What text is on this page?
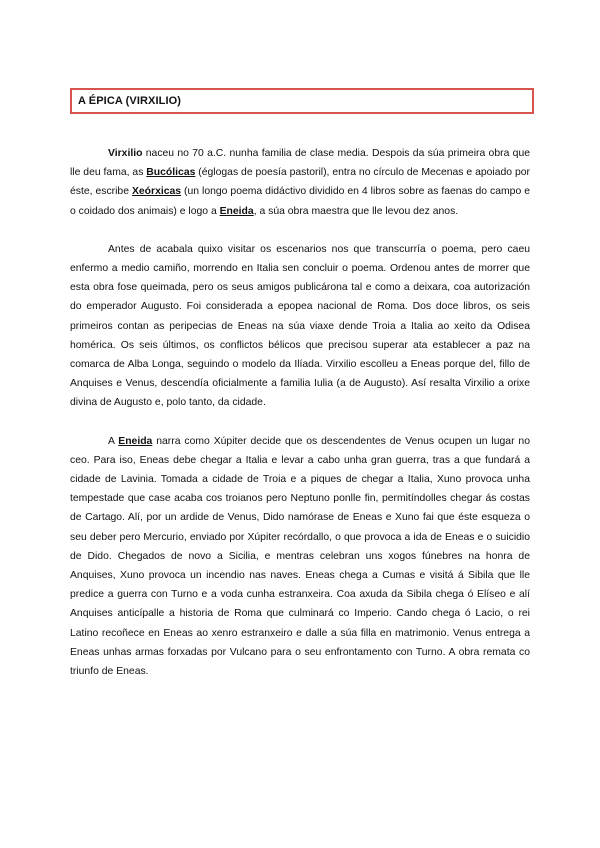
A ÉPICA (VIRXILIO)

Virxilio naceu no 70 a.C. nunha familia de clase media. Despois da súa primeira obra que lle deu fama, as Bucólicas (églogas de poesía pastoril), entra no círculo de Mecenas e apoiado por éste, escribe Xeórxicas (un longo poema didáctivo dividido en 4 libros sobre as faenas do campo e o coidado dos animais) e logo a Eneida, a súa obra maestra que lle levou dez anos.

Antes de acabala quixo visitar os escenarios nos que transcurría o poema, pero caeu enfermo a medio camiño, morrendo en Italia sen concluir o poema. Ordenou antes de morrer que esta obra fose queimada, pero os seus amigos publicárona tal e como a deixara, coa autorización do emperador Augusto. Foi considerada a epopea nacional de Roma. Dos doce libros, os seis primeiros contan as peripecias de Eneas na súa viaxe dende Troia a Italia ao xeito da Odisea homérica. Os seis últimos, os conflictos bélicos que precisou superar ata establecer a paz na comarca de Alba Longa, seguindo o modelo da Ilíada. Virxilio escolleu a Eneas porque del, fillo de Anquises e Venus, descendía oficialmente a familia Iulia (a de Augusto). Así resalta Virxilio a orixe divina de Augusto e, polo tanto, da cidade.

A Eneida narra como Xúpiter decide que os descendentes de Venus ocupen un lugar no ceo. Para iso, Eneas debe chegar a Italia e levar a cabo unha gran guerra, tras a que fundará a cidade de Lavinia. Tomada a cidade de Troia e a piques de chegar a Italia, Xuno provoca unha tempestade que case acaba cos troianos pero Neptuno ponlle fin, permitíndolles chegar ás costas de Cartago. Alí, por un ardide de Venus, Dido namórase de Eneas e Xuno fai que éste esqueza o seu deber pero Mercurio, enviado por Xúpiter recórdallo, o que provoca a ida de Eneas e o suicidio de Dido. Chegados de novo a Sicilia, e mentras celebran uns xogos fúnebres na honra de Anquises, Xuno provoca un incendio nas naves. Eneas chega a Cumas e visitá á Sibila que lle predice a guerra con Turno e a voda cunha estranxeira. Coa axuda da Sibila chega ó Elíseo e alí Anquises anticípalle a historia de Roma que culminará co Imperio. Cando chega ó Lacio, o rei Latino recoñece en Eneas ao xenro estranxeiro e dalle a súa filla en matrimonio. Venus entrega a Eneas unhas armas forxadas por Vulcano para o seu enfrontamento con Turno. A obra remata co triunfo de Eneas.
